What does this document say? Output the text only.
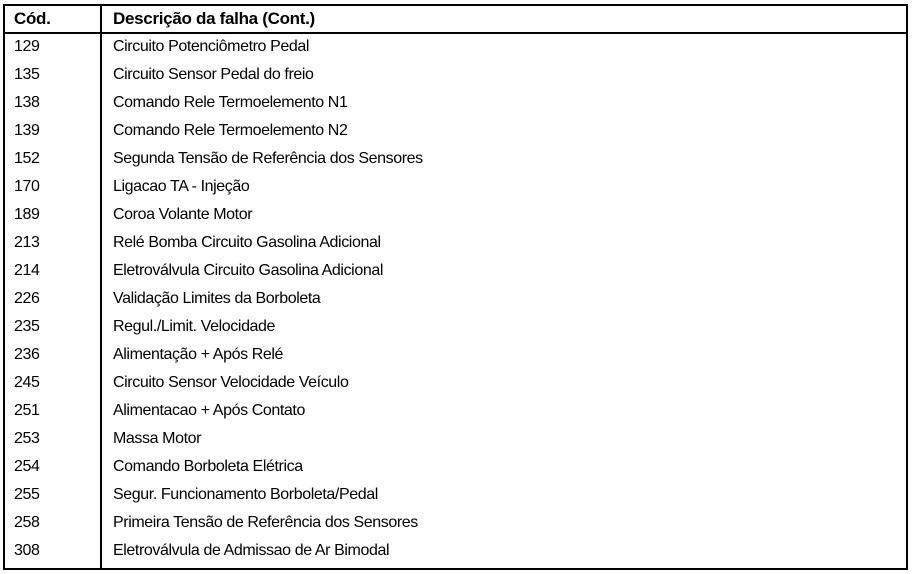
Cód.	Descrição da falha (Cont.)
129	Circuito Potenciômetro Pedal
135	Circuito Sensor Pedal do freio
138	Comando Rele Termoelemento N1
139	Comando Rele Termoelemento N2
152	Segunda Tensão de Referência dos Sensores
170	Ligacao TA - Injeção
189	Coroa Volante Motor
213	Relé Bomba Circuito Gasolina Adicional
214	Eletroválvula Circuito Gasolina Adicional
226	Validação Limites da Borboleta
235	Regul./Limit. Velocidade
236	Alimentação + Após Relé
245	Circuito Sensor Velocidade Veículo
251	Alimentacao + Após Contato
253	Massa Motor
254	Comando Borboleta Elétrica
255	Segur. Funcionamento Borboleta/Pedal
258	Primeira Tensão de Referência dos Sensores
308	Eletroválvula de Admissao de Ar Bimodal
